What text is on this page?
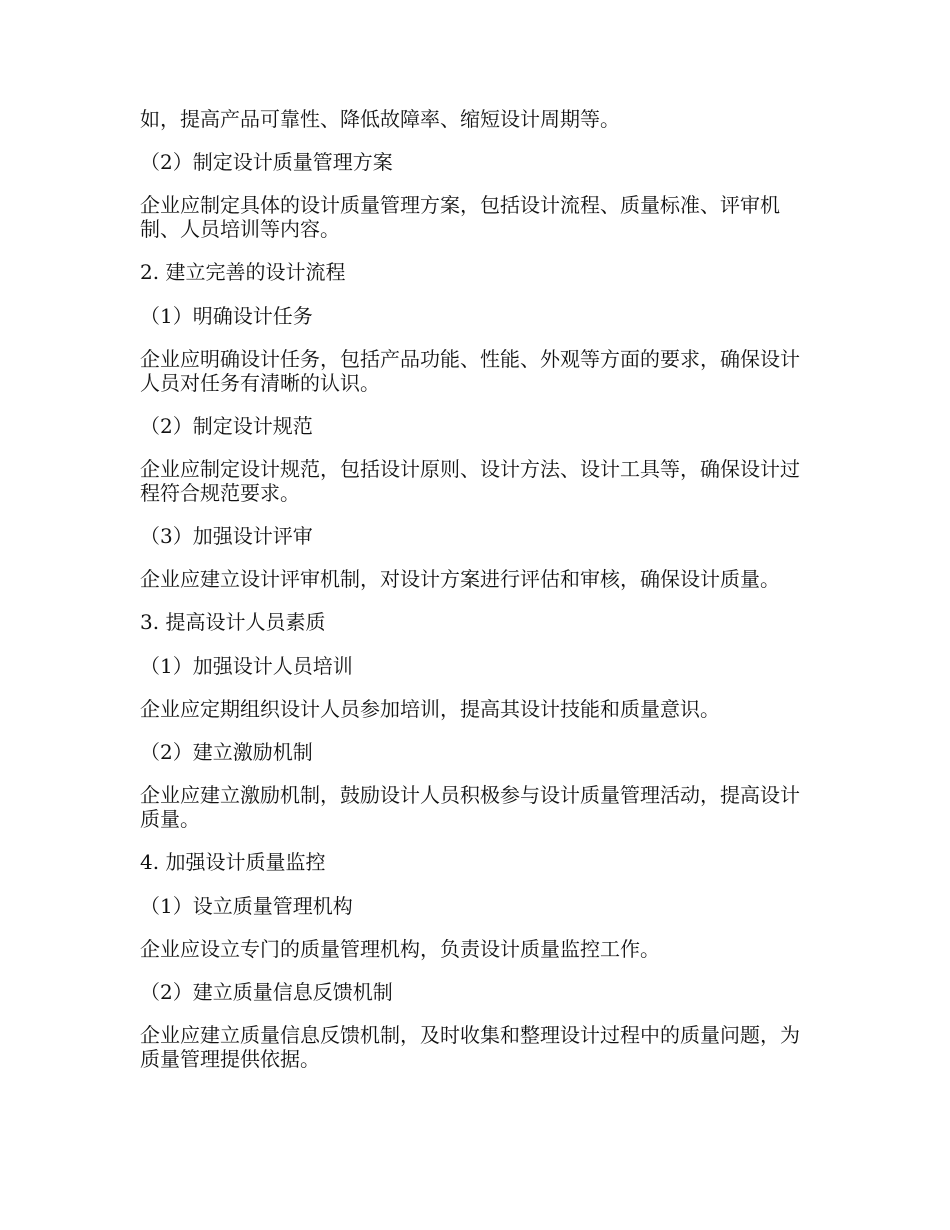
如，提高产品可靠性、降低故障率、缩短设计周期等。

（2）制定设计质量管理方案

企业应制定具体的设计质量管理方案，包括设计流程、质量标准、评审机制、人员培训等内容。

2. 建立完善的设计流程

（1）明确设计任务

企业应明确设计任务，包括产品功能、性能、外观等方面的要求，确保设计人员对任务有清晰的认识。

（2）制定设计规范

企业应制定设计规范，包括设计原则、设计方法、设计工具等，确保设计过程符合规范要求。

（3）加强设计评审

企业应建立设计评审机制，对设计方案进行评估和审核，确保设计质量。

3. 提高设计人员素质

（1）加强设计人员培训

企业应定期组织设计人员参加培训，提高其设计技能和质量意识。

（2）建立激励机制

企业应建立激励机制，鼓励设计人员积极参与设计质量管理活动，提高设计质量。

4. 加强设计质量监控

（1）设立质量管理机构

企业应设立专门的质量管理机构，负责设计质量监控工作。

（2）建立质量信息反馈机制

企业应建立质量信息反馈机制，及时收集和整理设计过程中的质量问题，为质量管理提供依据。
